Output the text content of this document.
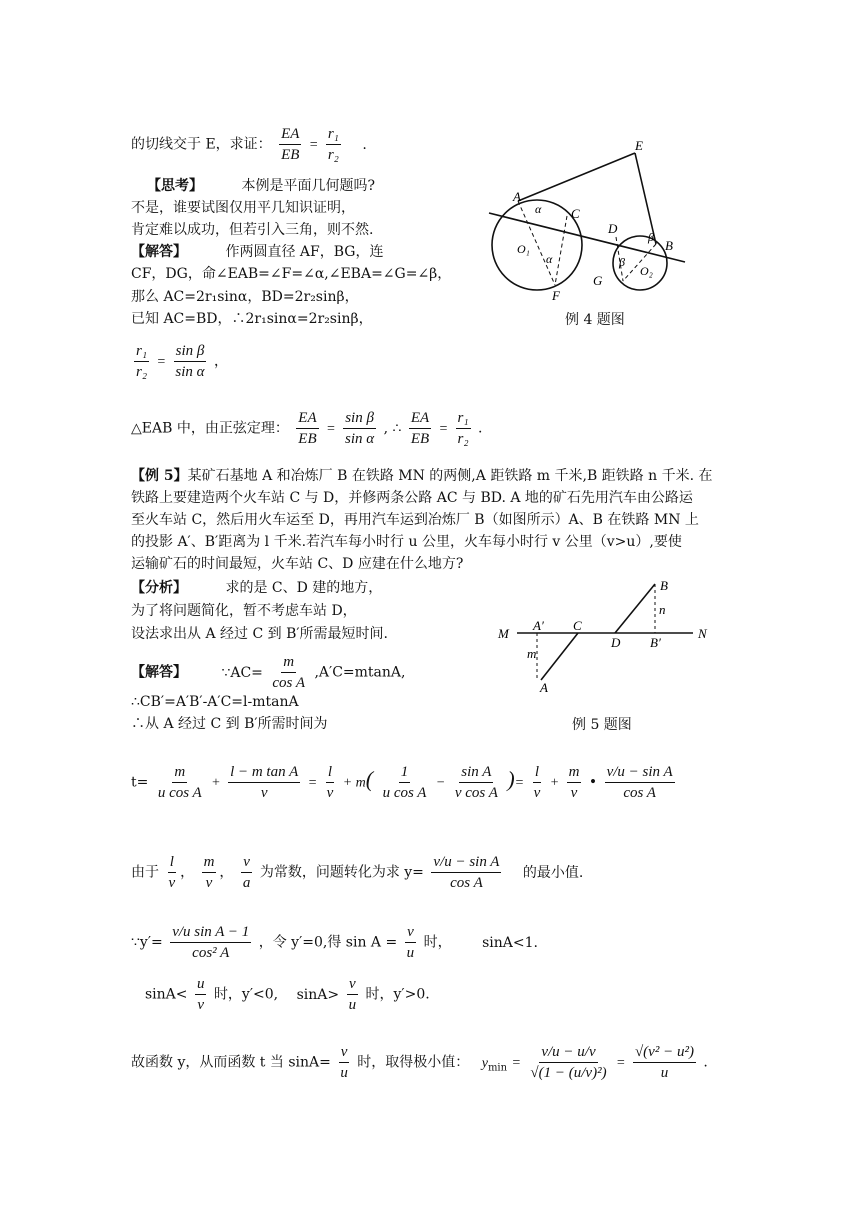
的切线交于 E，求证： $\frac{EA}{EB} = \frac{\text{r₁}}{\text{r₂}}$ .
【思考】	本例是平面几何题吗?
不是，谁要试图仅用平几知识证明，
肯定难以成功，但若引入三角，则不然.
【解答】	作两圆直径 AF，BG，连
CF，DG，命∠EAB=∠F=∠α,∠EBA=∠G=∠β，
那么 AC=2r₁sinα，BD=2r₂sinβ，
已知 AC=BD，∴2r₁sinα=2r₂sinβ，
$\frac{\text{r₁}}{\text{r₂}} = \frac{\text{sin β}}{\text{sin α}}$ ，
△EAB 中，由正弦定理： $\frac{EA}{EB} = \frac{\text{sin β}}{\text{sin α}}$ , ∴ $\frac{EA}{EB} = \frac{\text{r₁}}{\text{r₂}}$ .
A
C
E
D
B
O₁
O₂
F
G
α
α
β
β
例 4 题图
【例 5】某矿石基地 A 和冶炼厂 B 在铁路 MN 的两侧,A 距铁路 m 千米,B 距铁路 n 千米. 在
铁路上要建造两个火车站 C 与 D，并修两条公路 AC 与 BD. A 地的矿石先用汽车由公路运
至火车站 C，然后用火车运至 D，再用汽车运到冶炼厂 B（如图所示）A、B 在铁路 MN 上
的投影 A′、B′距离为 l 千米.若汽车每小时行 u 公里，火车每小时行 v 公里（v>u）,要使
运输矿石的时间最短，火车站 C、D 应建在什么地方?
【分析】	求的是 C、D 建的地方，
为了将问题简化，暂不考虑车站 D，
设法求出从 A 经过 C 到 B′所需最短时间.
【解答】 ∵AC= $\frac{m}{\text{cos A}} ,A'C=mtanA$,
∴CB′=A′B′-A′C=l-mtanA
∴从 A 经过 C 到 B′所需时间为
M	N
A′ C
D B′
B
A
m
n
例 5 题图
$t= \frac{m}{\text{u cos A}} + \frac{\text{l − m tan A}}{v} = \frac{l}{v} + m( \frac{1}{\text{u cos A}} - \frac{\text{sin A}}{\text{v cos A}}$ )= $\frac{l}{v} + \frac{m}{v}$ • $\frac{\text{v/u − sin A}}{\text{cos A}}$
由于 $\frac{l}{v}$ ， $\frac{m}{v}$ ， $\frac{v}{a}$ 为常数，问题转化为求 $y= \frac{\text{v/u − sin A}}{\text{cos A}}$ 的最小值.
∵y′= $\frac{\text{v/u sin A − 1}}{\text{cos² A}}$ ，令 y′=0,得 $\sin A = \frac{v}{u}$ 时， sinA<1.
$\sin A< \frac{u}{v}$ 时，y′<0, $\sin A> \frac{v}{u}$ 时，y′>0.
故函数 y，从而函数 t 当 $\sin A= \frac{v}{u}$ 时，取得极小值： $y_{min} = \frac{v/u - u/v}{\text{√(1 − (u/v)²)}} = \frac{\text{√(v² − u²)}}{u}$ .
